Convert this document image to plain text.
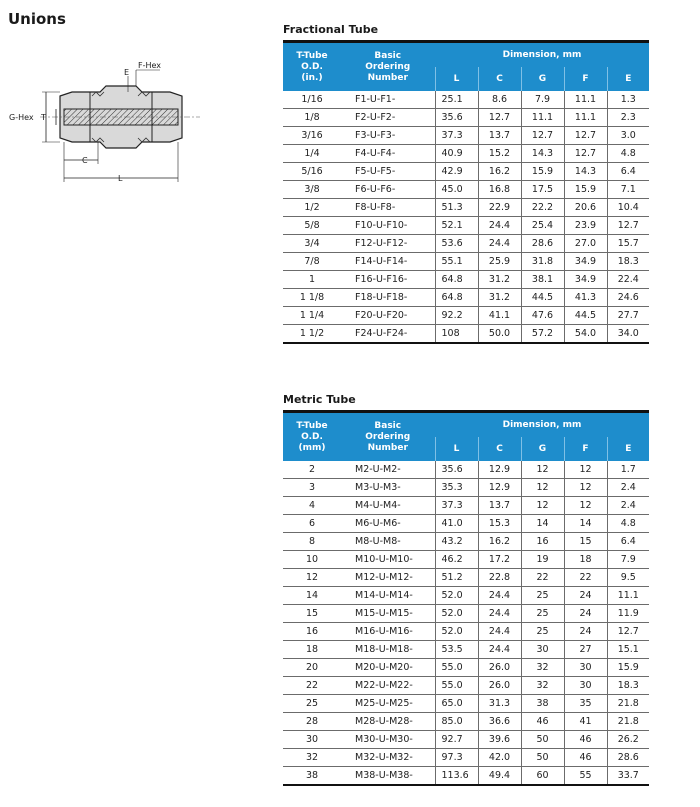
Unions
G-Hex T
E
F-Hex
C
L
Fractional Tube
T-Tube
O.D.
(in.)	Basic
Ordering
Number	Dimension, mm				
		L	C	G	F	E
1/16	F1-U-F1-	25.1	8.6	7.9	11.1	1.3
1/8	F2-U-F2-	35.6	12.7	11.1	11.1	2.3
3/16	F3-U-F3-	37.3	13.7	12.7	12.7	3.0
1/4	F4-U-F4-	40.9	15.2	14.3	12.7	4.8
5/16	F5-U-F5-	42.9	16.2	15.9	14.3	6.4
3/8	F6-U-F6-	45.0	16.8	17.5	15.9	7.1
1/2	F8-U-F8-	51.3	22.9	22.2	20.6	10.4
5/8	F10-U-F10-	52.1	24.4	25.4	23.9	12.7
3/4	F12-U-F12-	53.6	24.4	28.6	27.0	15.7
7/8	F14-U-F14-	55.1	25.9	31.8	34.9	18.3
1	F16-U-F16-	64.8	31.2	38.1	34.9	22.4
1 1/8	F18-U-F18-	64.8	31.2	44.5	41.3	24.6
1 1/4	F20-U-F20-	92.2	41.1	47.6	44.5	27.7
1 1/2	F24-U-F24-	108	50.0	57.2	54.0	34.0
Metric Tube
T-Tube
O.D.
(mm)	Basic
Ordering
Number	Dimension, mm				
		L	C	G	F	E
2	M2-U-M2-	35.6	12.9	12	12	1.7
3	M3-U-M3-	35.3	12.9	12	12	2.4
4	M4-U-M4-	37.3	13.7	12	12	2.4
6	M6-U-M6-	41.0	15.3	14	14	4.8
8	M8-U-M8-	43.2	16.2	16	15	6.4
10	M10-U-M10-	46.2	17.2	19	18	7.9
12	M12-U-M12-	51.2	22.8	22	22	9.5
14	M14-U-M14-	52.0	24.4	25	24	11.1
15	M15-U-M15-	52.0	24.4	25	24	11.9
16	M16-U-M16-	52.0	24.4	25	24	12.7
18	M18-U-M18-	53.5	24.4	30	27	15.1
20	M20-U-M20-	55.0	26.0	32	30	15.9
22	M22-U-M22-	55.0	26.0	32	30	18.3
25	M25-U-M25-	65.0	31.3	38	35	21.8
28	M28-U-M28-	85.0	36.6	46	41	21.8
30	M30-U-M30-	92.7	39.6	50	46	26.2
32	M32-U-M32-	97.3	42.0	50	46	28.6
38	M38-U-M38-	113.6	49.4	60	55	33.7
